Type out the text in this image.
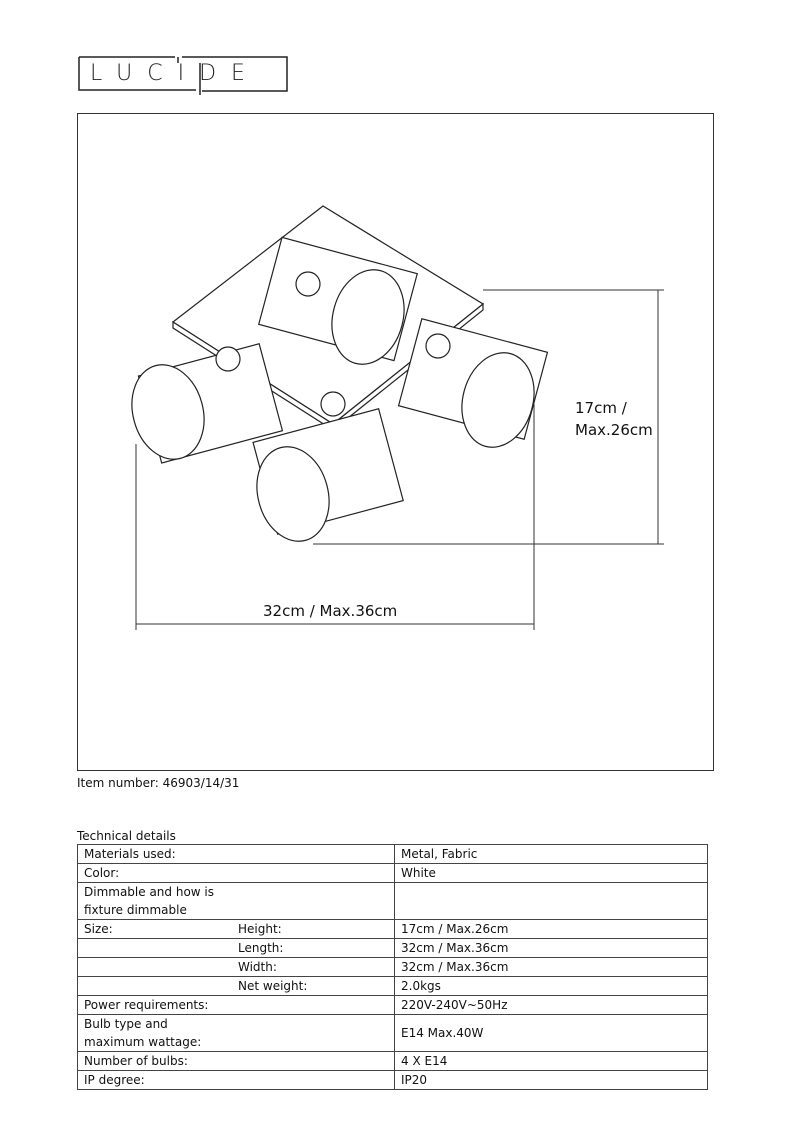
LUCIDE
17cm /
Max.26cm
32cm / Max.36cm
Item number: 46903/14/31
Technical details
Materials used:		Metal, Fabric
Color:		White
Dimmable and how is fixture dimmable		
Size:	Height:	17cm / Max.26cm
	Length:	32cm / Max.36cm
	Width:	32cm / Max.36cm
	Net weight:	2.0kgs
Power requirements:		220V-240V~50Hz
Bulb type and maximum wattage:		E14 Max.40W
Number of bulbs:		4 X E14
IP degree:		IP20
